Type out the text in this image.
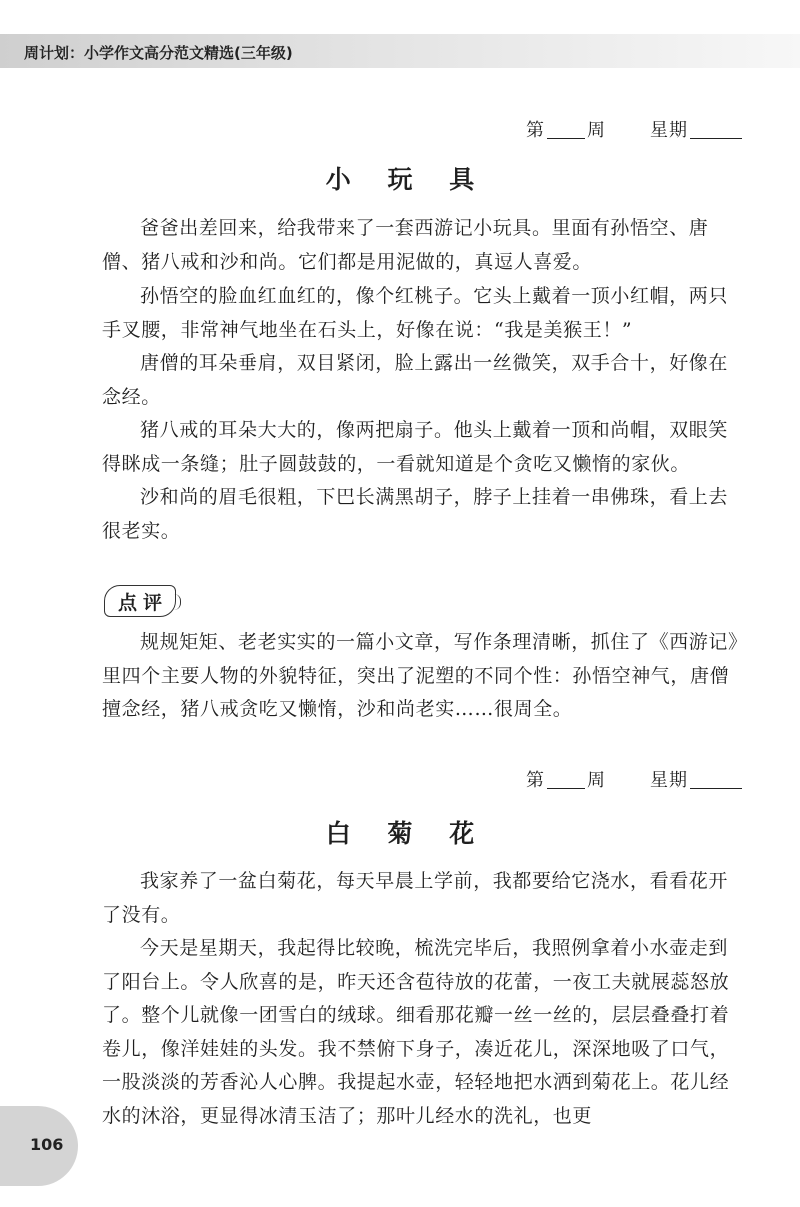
周计划：小学作文高分范文精选(三年级)
第 周 星期
小 玩 具

爸爸出差回来，给我带来了一套西游记小玩具。里面有孙悟空、唐僧、猪八戒和沙和尚。它们都是用泥做的，真逗人喜爱。

孙悟空的脸血红血红的，像个红桃子。它头上戴着一顶小红帽，两只手叉腰，非常神气地坐在石头上，好像在说：“我是美猴王！”

唐僧的耳朵垂肩，双目紧闭，脸上露出一丝微笑，双手合十，好像在念经。

猪八戒的耳朵大大的，像两把扇子。他头上戴着一顶和尚帽，双眼笑得眯成一条缝；肚子圆鼓鼓的，一看就知道是个贪吃又懒惰的家伙。

沙和尚的眉毛很粗，下巴长满黑胡子，脖子上挂着一串佛珠，看上去很老实。

点评

规规矩矩、老老实实的一篇小文章，写作条理清晰，抓住了《西游记》里四个主要人物的外貌特征，突出了泥塑的不同个性：孙悟空神气，唐僧擅念经，猪八戒贪吃又懒惰，沙和尚老实……很周全。

第 周 星期
白 菊 花

我家养了一盆白菊花，每天早晨上学前，我都要给它浇水，看看花开了没有。

今天是星期天，我起得比较晚，梳洗完毕后，我照例拿着小水壶走到了阳台上。令人欣喜的是，昨天还含苞待放的花蕾，一夜工夫就展蕊怒放了。整个儿就像一团雪白的绒球。细看那花瓣一丝一丝的，层层叠叠打着卷儿，像洋娃娃的头发。我不禁俯下身子，凑近花儿，深深地吸了口气，一股淡淡的芳香沁人心脾。我提起水壶，轻轻地把水洒到菊花上。花儿经水的沐浴，更显得冰清玉洁了；那叶儿经水的洗礼，也更

106
